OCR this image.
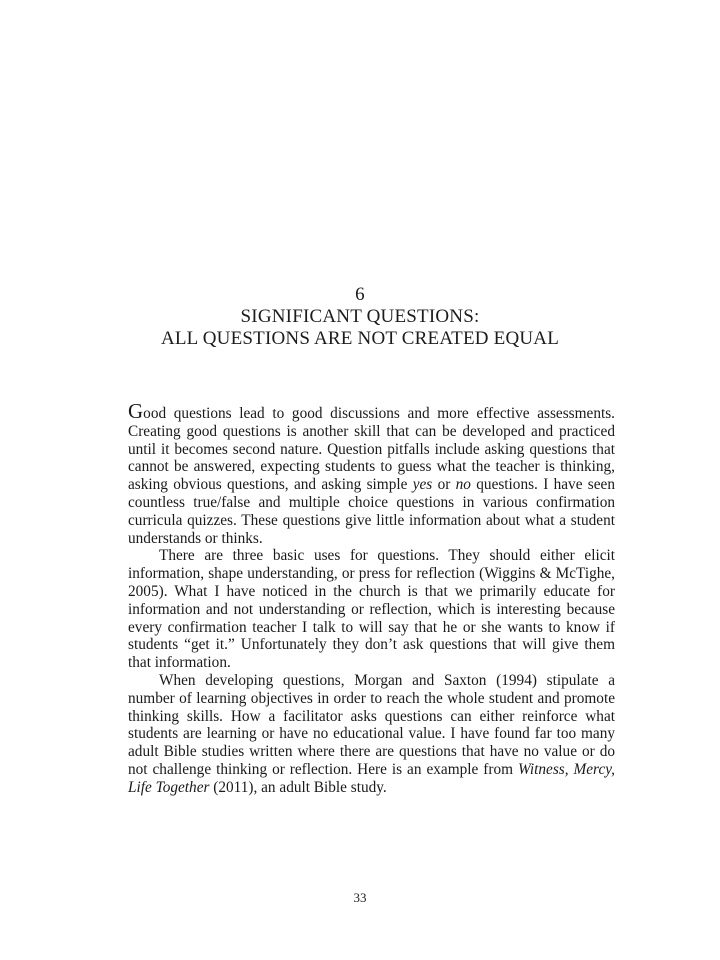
6
SIGNIFICANT QUESTIONS:
ALL QUESTIONS ARE NOT CREATED EQUAL

Good questions lead to good discussions and more effective assessments. Creating good questions is another skill that can be developed and practiced until it becomes second nature. Question pitfalls include asking questions that cannot be answered, expecting students to guess what the teacher is thinking, asking obvious questions, and asking simple yes or no questions. I have seen countless true/false and multiple choice questions in various confirmation curricula quizzes. These questions give little information about what a student understands or thinks.

There are three basic uses for questions. They should either elicit information, shape understanding, or press for reflection (Wiggins & McTighe, 2005). What I have noticed in the church is that we primarily educate for information and not understanding or reflection, which is interesting because every confirmation teacher I talk to will say that he or she wants to know if students “get it.” Unfortunately they don’t ask questions that will give them that information.

When developing questions, Morgan and Saxton (1994) stipulate a number of learning objectives in order to reach the whole student and promote thinking skills. How a facilitator asks questions can either reinforce what students are learning or have no educational value. I have found far too many adult Bible studies written where there are questions that have no value or do not challenge thinking or reflection. Here is an example from Witness, Mercy, Life Together (2011), an adult Bible study.

33
